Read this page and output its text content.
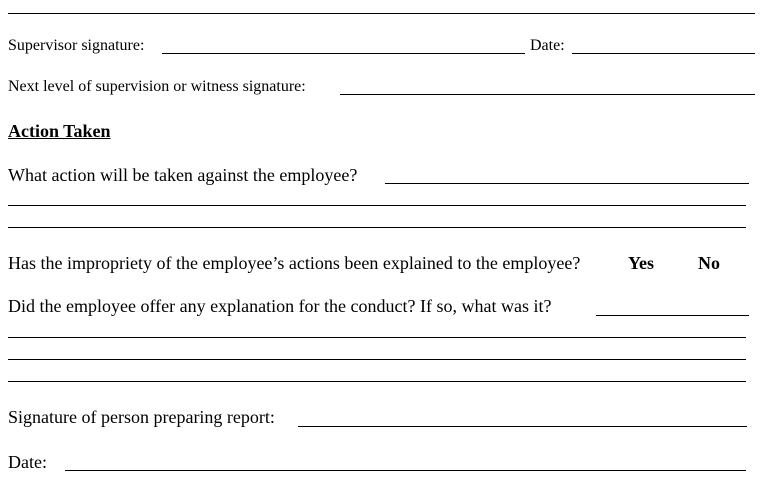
Supervisor signature:	Date:
Next level of supervision or witness signature:
Action Taken
What action will be taken against the employee?
Has the impropriety of the employee’s actions been explained to the employee?	Yes No
Did the employee offer any explanation for the conduct? If so, what was it?
Signature of person preparing report:
Date:
